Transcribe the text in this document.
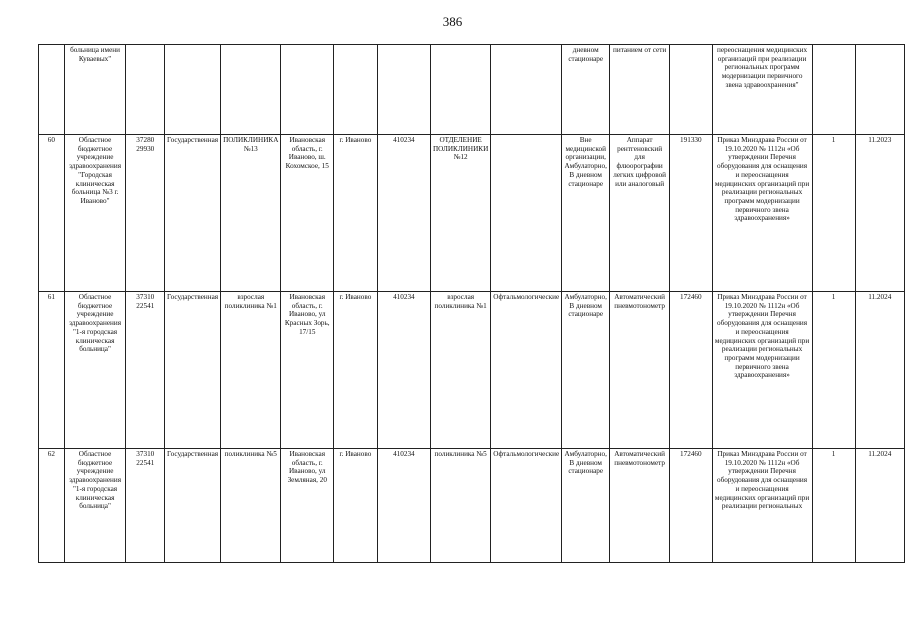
386
	больница имени Куваевых"									дневном стационаре	питанием от сети		переоснащения медицинских организаций при реализации региональных программ модернизации первичного звена здравоохранения"		
60	Областное бюджетное учреждение здравоохранения "Городская клиническая больница №3 г. Иваново"	37280 29930	Государственная	ПОЛИКЛИНИКА №13	Ивановская область, г. Иваново, ш. Кохомское, 15	г. Иваново	410234	ОТДЕЛЕНИЕ ПОЛИКЛИНИКИ №12		Вне медицинской организации, Амбулаторно, В дневном стационаре	Аппарат рентгеновский для флюорографии легких цифровой или аналоговый	191330	Приказ Минздрава России от 19.10.2020 № 1112н «Об утверждении Перечня оборудования для оснащения и переоснащения медицинских организаций при реализации региональных программ модернизации первичного звена здравоохранения»	1	11.2023
61	Областное бюджетное учреждение здравоохранения "1-я городская клиническая больница"	37310 22541	Государственная	взрослая поликлиника №1	Ивановская область, г. Иваново, ул Красных Зорь, 17/15	г. Иваново	410234	взрослая поликлиника №1	Офтальмологические	Амбулаторно, В дневном стационаре	Автоматический пневмотонометр	172460	Приказ Минздрава России от 19.10.2020 № 1112н «Об утверждении Перечня оборудования для оснащения и переоснащения медицинских организаций при реализации региональных программ модернизации первичного звена здравоохранения»	1	11.2024
62	Областное бюджетное учреждение здравоохранения "1-я городская клиническая больница"	37310 22541	Государственная	поликлиника №5	Ивановская область, г. Иваново, ул Земляная, 20	г. Иваново	410234	поликлиника №5	Офтальмологические	Амбулаторно, В дневном стационаре	Автоматический пневмотонометр	172460	Приказ Минздрава России от 19.10.2020 № 1112н «Об утверждении Перечня оборудования для оснащения и переоснащения медицинских организаций при реализации региональных	1	11.2024
